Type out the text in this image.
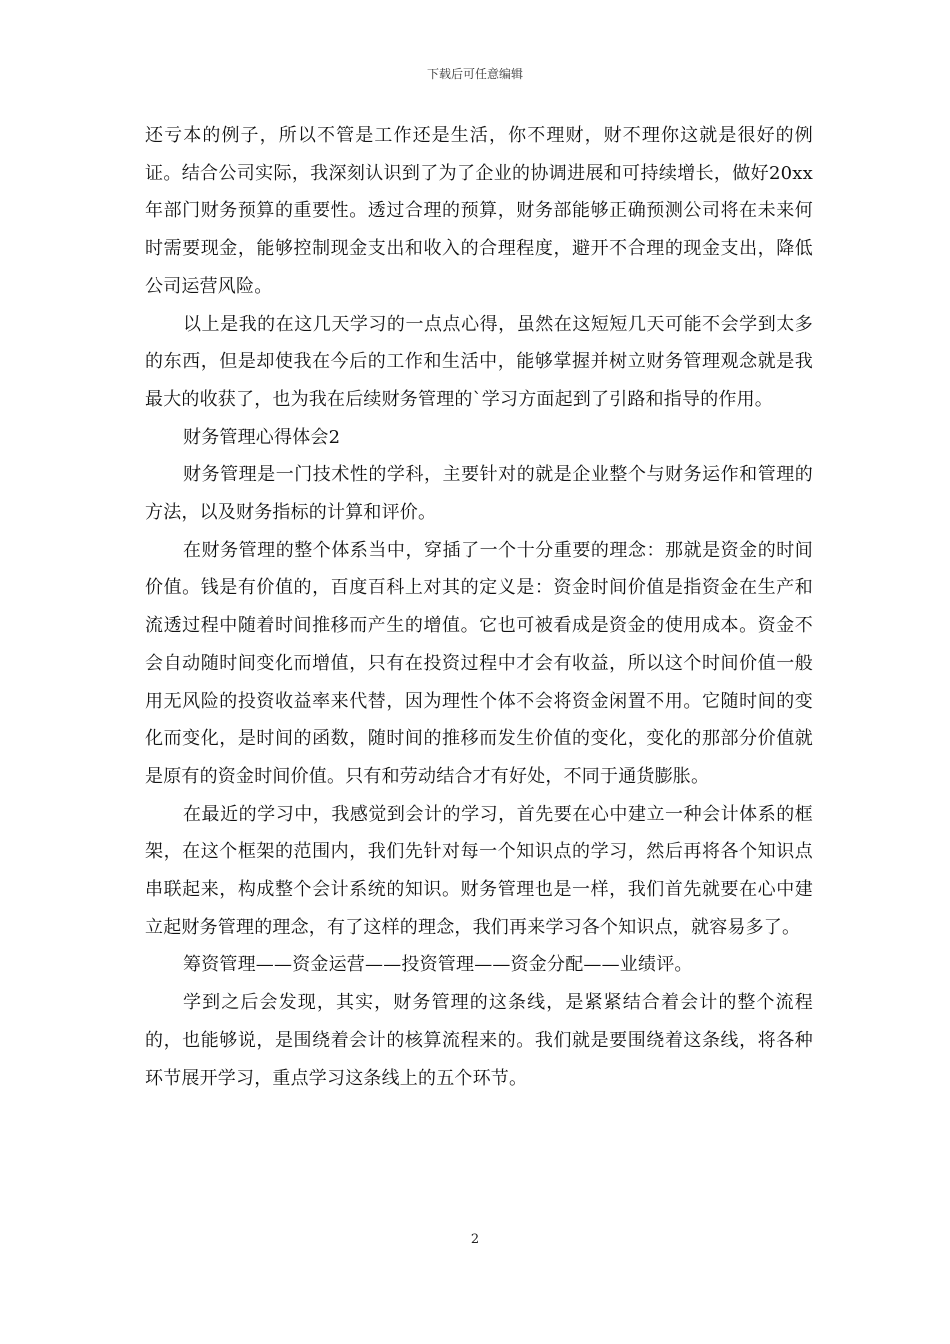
下载后可任意编辑

还亏本的例子，所以不管是工作还是生活，你不理财，财不理你这就是很好的例证。结合公司实际，我深刻认识到了为了企业的协调进展和可持续增长，做好20xx年部门财务预算的重要性。透过合理的预算，财务部能够正确预测公司将在未来何时需要现金，能够控制现金支出和收入的合理程度，避开不合理的现金支出，降低公司运营风险。

以上是我的在这几天学习的一点点心得，虽然在这短短几天可能不会学到太多的东西，但是却使我在今后的工作和生活中，能够掌握并树立财务管理观念就是我最大的收获了，也为我在后续财务管理的`学习方面起到了引路和指导的作用。

财务管理心得体会2

财务管理是一门技术性的学科，主要针对的就是企业整个与财务运作和管理的方法，以及财务指标的计算和评价。

在财务管理的整个体系当中，穿插了一个十分重要的理念：那就是资金的时间价值。钱是有价值的，百度百科上对其的定义是：资金时间价值是指资金在生产和流透过程中随着时间推移而产生的增值。它也可被看成是资金的使用成本。资金不会自动随时间变化而增值，只有在投资过程中才会有收益，所以这个时间价值一般用无风险的投资收益率来代替，因为理性个体不会将资金闲置不用。它随时间的变化而变化，是时间的函数，随时间的推移而发生价值的变化，变化的那部分价值就是原有的资金时间价值。只有和劳动结合才有好处，不同于通货膨胀。

在最近的学习中，我感觉到会计的学习，首先要在心中建立一种会计体系的框架，在这个框架的范围内，我们先针对每一个知识点的学习，然后再将各个知识点串联起来，构成整个会计系统的知识。财务管理也是一样，我们首先就要在心中建立起财务管理的理念，有了这样的理念，我们再来学习各个知识点，就容易多了。

筹资管理——资金运营——投资管理——资金分配——业绩评。

学到之后会发现，其实，财务管理的这条线，是紧紧结合着会计的整个流程的，也能够说，是围绕着会计的核算流程来的。我们就是要围绕着这条线，将各种环节展开学习，重点学习这条线上的五个环节。

2
